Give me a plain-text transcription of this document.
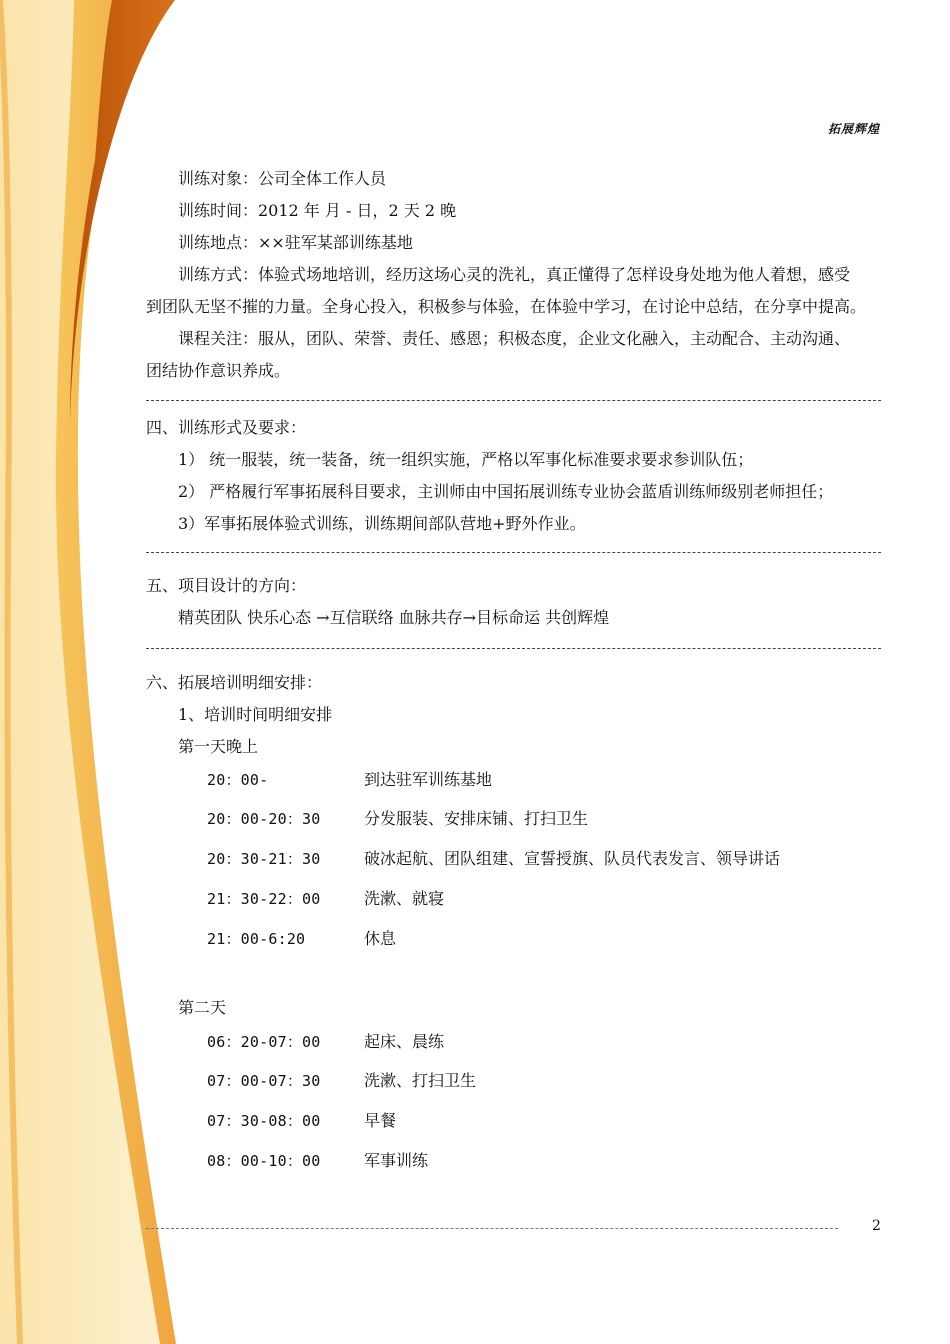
拓展辉煌
训练对象：公司全体工作人员
训练时间：2012 年 月 - 日，2 天 2 晚
训练地点：××驻军某部训练基地
训练方式：体验式场地培训，经历这场心灵的洗礼，真正懂得了怎样设身处地为他人着想，感受
到团队无坚不摧的力量。全身心投入，积极参与体验，在体验中学习，在讨论中总结，在分享中提高。
课程关注：服从，团队、荣誉、责任、感恩；积极态度，企业文化融入，主动配合、主动沟通、
团结协作意识养成。
四、训练形式及要求：
1） 统一服装，统一装备，统一组织实施，严格以军事化标准要求要求参训队伍；
2） 严格履行军事拓展科目要求，主训师由中国拓展训练专业协会蓝盾训练师级别老师担任；
3）军事拓展体验式训练，训练期间部队营地+野外作业。
五、项目设计的方向：
精英团队 快乐心态 →互信联络 血脉共存→目标命运 共创辉煌
六、拓展培训明细安排：
1、培训时间明细安排
第一天晚上
20：00-	到达驻军训练基地
20：00-20：30	分发服装、安排床铺、打扫卫生
20：30-21：30	破冰起航、团队组建、宣誓授旗、队员代表发言、领导讲话
21：30-22：00	洗漱、就寝
21：00-6:20	休息
第二天
06：20-07：00	起床、晨练
07：00-07：30	洗漱、打扫卫生
07：30-08：00	早餐
08：00-10：00	军事训练
2
